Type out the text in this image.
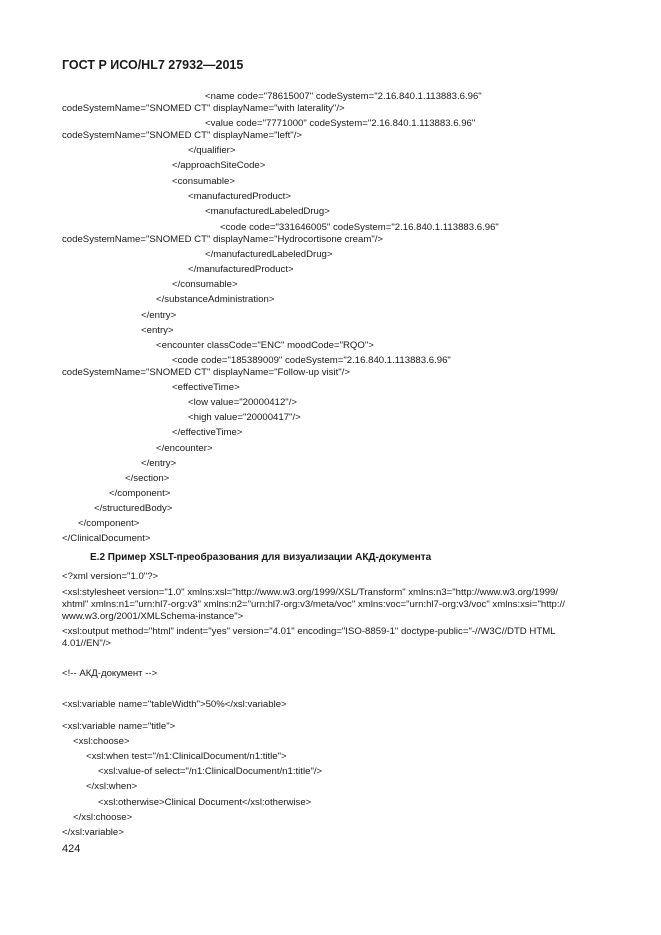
ГОСТ Р ИСО/HL7 27932—2015
<name code="78615007" codeSystem="2.16.840.1.113883.6.96"
codeSystemName="SNOMED CT" displayName="with laterality"/>
<value code="7771000" codeSystem="2.16.840.1.113883.6.96"
codeSystemName="SNOMED CT" displayName="left"/>
</qualifier>
</approachSiteCode>
<consumable>
<manufacturedProduct>
<manufacturedLabeledDrug>
<code code="331646005" codeSystem="2.16.840.1.113883.6.96"
codeSystemName="SNOMED CT" displayName="Hydrocortisone cream"/>
</manufacturedLabeledDrug>
</manufacturedProduct>
</consumable>
</substanceAdministration>
</entry>
<entry>
<encounter classCode="ENC" moodCode="RQO">
<code code="185389009" codeSystem="2.16.840.1.113883.6.96"
codeSystemName="SNOMED CT" displayName="Follow-up visit"/>
<effectiveTime>
<low value="20000412"/>
<high value="20000417"/>
</effectiveTime>
</encounter>
</entry>
</section>
</component>
</structuredBody>
</component>
</ClinicalDocument>
E.2 Пример XSLT-преобразования для визуализации АКД-документа
<?xml version="1.0"?>
<xsl:stylesheet version="1.0" xmlns:xsl="http://www.w3.org/1999/XSL/Transform" xmlns:n3="http://www.w3.org/1999/
xhtml" xmlns:n1="urn:hl7-org:v3" xmlns:n2="urn:hl7-org:v3/meta/voc" xmlns:voc="urn:hl7-org:v3/voc" xmlns:xsi="http://
www.w3.org/2001/XMLSchema-instance">
<xsl:output method="html" indent="yes" version="4.01" encoding="ISO-8859-1" doctype-public="-//W3C//DTD HTML
4.01//EN"/>
<!-- АКД-документ -->
<xsl:variable name="tableWidth">50%</xsl:variable>
<xsl:variable name="title">
<xsl:choose>
<xsl:when test="/n1:ClinicalDocument/n1:title">
<xsl:value-of select="/n1:ClinicalDocument/n1:title"/>
</xsl:when>
<xsl:otherwise>Clinical Document</xsl:otherwise>
</xsl:choose>
</xsl:variable>
424
